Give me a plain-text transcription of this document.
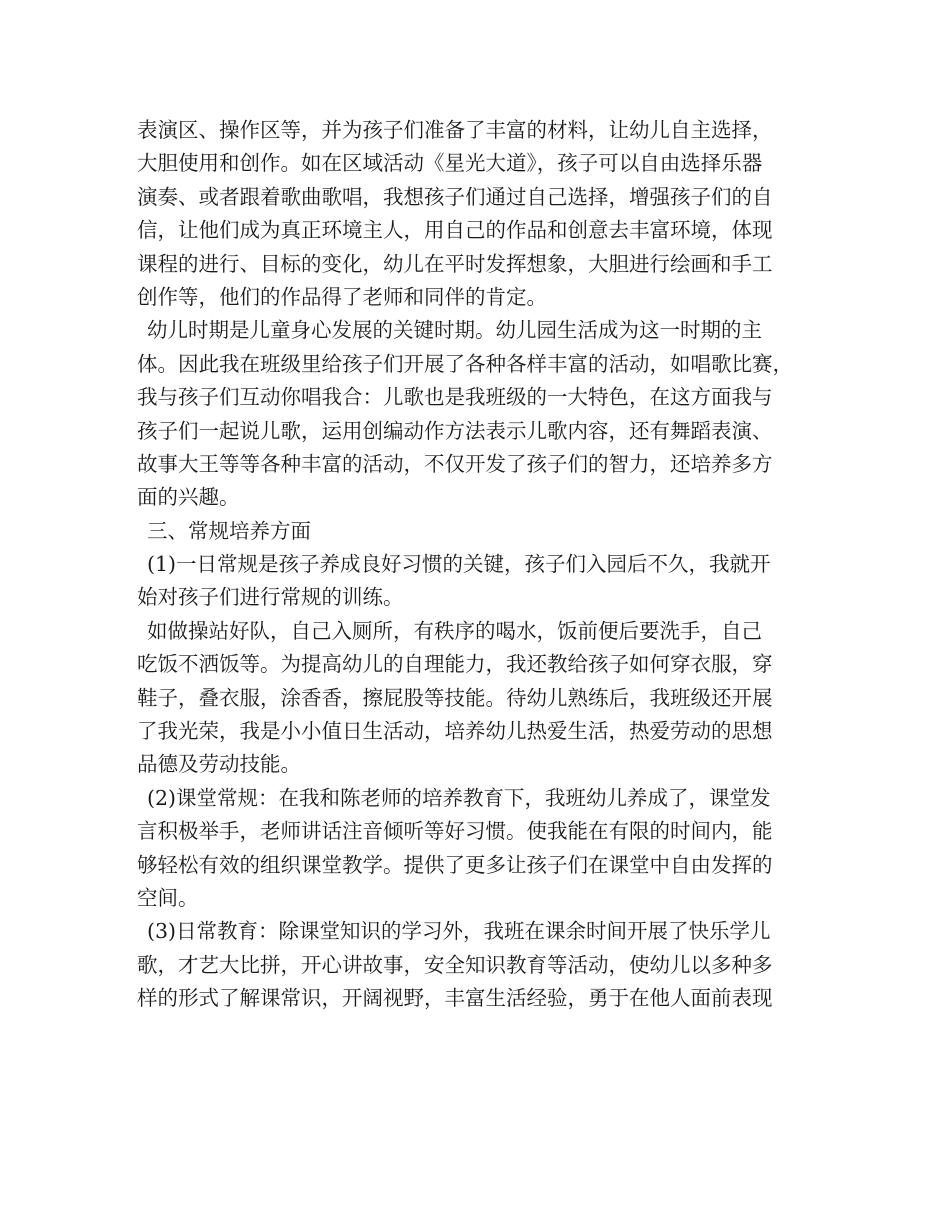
表演区、操作区等，并为孩子们准备了丰富的材料，让幼儿自主选择，
大胆使用和创作。如在区域活动《星光大道》，孩子可以自由选择乐器
演奏、或者跟着歌曲歌唱，我想孩子们通过自己选择，增强孩子们的自
信，让他们成为真正环境主人，用自己的作品和创意去丰富环境，体现
课程的进行、目标的变化，幼儿在平时发挥想象，大胆进行绘画和手工
创作等，他们的作品得了老师和同伴的肯定。
幼儿时期是儿童身心发展的关键时期。幼儿园生活成为这一时期的主
体。因此我在班级里给孩子们开展了各种各样丰富的活动，如唱歌比赛，
我与孩子们互动你唱我合：儿歌也是我班级的一大特色，在这方面我与
孩子们一起说儿歌，运用创编动作方法表示儿歌内容，还有舞蹈表演、
故事大王等等各种丰富的活动，不仅开发了孩子们的智力，还培养多方
面的兴趣。
三、常规培养方面
(1)一日常规是孩子养成良好习惯的关键，孩子们入园后不久，我就开
始对孩子们进行常规的训练。
如做操站好队，自己入厕所，有秩序的喝水，饭前便后要洗手，自己
吃饭不洒饭等。为提高幼儿的自理能力，我还教给孩子如何穿衣服，穿
鞋子，叠衣服，涂香香，擦屁股等技能。待幼儿熟练后，我班级还开展
了我光荣，我是小小值日生活动，培养幼儿热爱生活，热爱劳动的思想
品德及劳动技能。
(2)课堂常规：在我和陈老师的培养教育下，我班幼儿养成了，课堂发
言积极举手，老师讲话注音倾听等好习惯。使我能在有限的时间内，能
够轻松有效的组织课堂教学。提供了更多让孩子们在课堂中自由发挥的
空间。
(3)日常教育：除课堂知识的学习外，我班在课余时间开展了快乐学儿
歌，才艺大比拼，开心讲故事，安全知识教育等活动，使幼儿以多种多
样的形式了解课常识，开阔视野，丰富生活经验，勇于在他人面前表现
